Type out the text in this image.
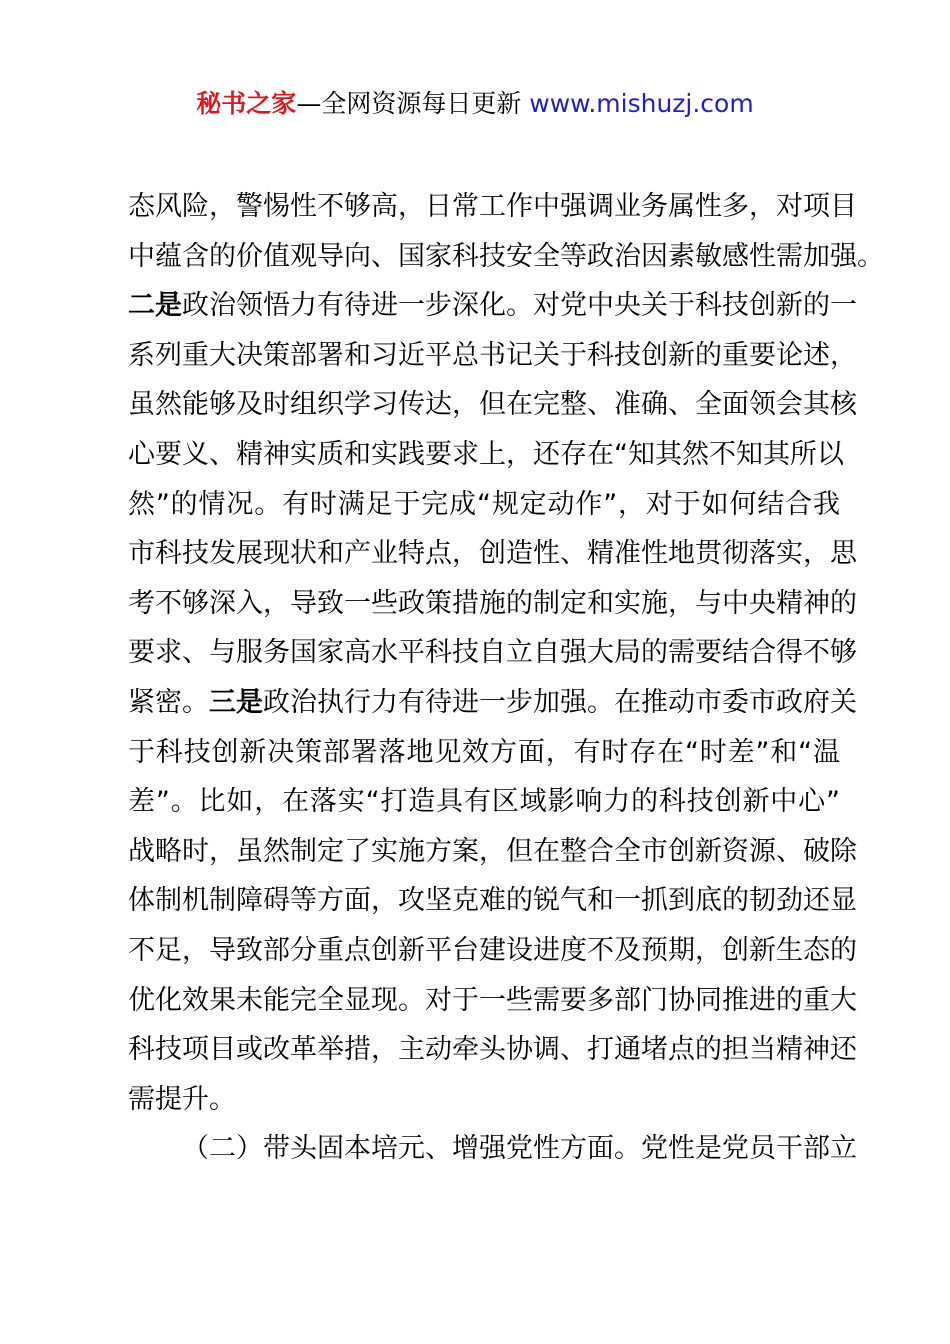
秘书之家—全网资源每日更新 www.mishuzj.com
态风险，警惕性不够高，日常工作中强调业务属性多，对项目
中蕴含的价值观导向、国家科技安全等政治因素敏感性需加强。
二是政治领悟力有待进一步深化。对党中央关于科技创新的一
系列重大决策部署和习近平总书记关于科技创新的重要论述，
虽然能够及时组织学习传达，但在完整、准确、全面领会其核
心要义、精神实质和实践要求上，还存在“知其然不知其所以
然”的情况。有时满足于完成“规定动作”，对于如何结合我
市科技发展现状和产业特点，创造性、精准性地贯彻落实，思
考不够深入，导致一些政策措施的制定和实施，与中央精神的
要求、与服务国家高水平科技自立自强大局的需要结合得不够
紧密。三是政治执行力有待进一步加强。在推动市委市政府关
于科技创新决策部署落地见效方面，有时存在“时差”和“温
差”。比如，在落实“打造具有区域影响力的科技创新中心”
战略时，虽然制定了实施方案，但在整合全市创新资源、破除
体制机制障碍等方面，攻坚克难的锐气和一抓到底的韧劲还显
不足，导致部分重点创新平台建设进度不及预期，创新生态的
优化效果未能完全显现。对于一些需要多部门协同推进的重大
科技项目或改革举措，主动牵头协调、打通堵点的担当精神还
需提升。
（二）带头固本培元、增强党性方面。党性是党员干部立
